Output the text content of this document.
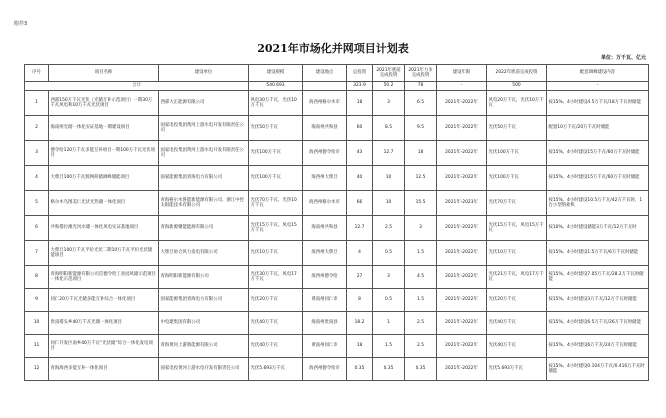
附件3
2021年市场化并网项目计划表
单位：万千瓦、亿元
序号	项目名称	建设单位	建设规模	建设地点	总投资	2021年底前完成投资	2021年力争完成投资	建设年限	2022年底前完成投资	配套调峰建设内容
合计			540.693		323.9	50.2	78	-	500	-
1	西部150万千瓦光伏（光储互补示范项目）一期30万千瓦风电和10万千瓦光伏项目	西部大正能源有限公司	风电30万千瓦，光伏10万千瓦	海西州格尔木市	18	3	6.5	2021年-2022年	风电20万千瓦，光伏10万千瓦	按15%、4小时建设4.5万千瓦/18万千瓦时储能
2	海南州光储一体化实证基地一期建设项目	国家电投集团黄河上游水电开发有限责任公司	光伏50万千瓦	海南州共和县	60	8.5	9.5	2021年-2022年	光伏50万千瓦	配置10万千瓦/20万千瓦时储能
3	德令哈120万千瓦多能互补项目一期100万千瓦光伏项目	国家电投集团黄河上游水电开发有限责任公司	光伏100万千瓦	海西州德令哈市	43	12.7	18	2021年-2022年	光伏100万千瓦	按15%、4小时建设15万千瓦/60万千瓦时储能
4	大柴旦100万千瓦源网荷储调峰储能项目	国家能源集团青海电力有限公司	光伏100万千瓦	海西州大柴旦	40	10	12.5	2021年-2022年	光伏100万千瓦	按15%、4小时建设15万千瓦/60万千瓦时储能
5	格尔木乌图美仁光伏光热储一体化项目	青海格尔木鲁能新能源有限公司、浙江中控太阳能技术有限公司	光伏70万千瓦、光热10万千瓦	海西州格尔木市	66	10	15.5	2021年-2023年	光伏70万千瓦	按15%、4小时建设10.5万千瓦/42万千瓦时，1台小型熔盐机
6	共和塔拉滩光风水储一体化风电实证基地项目	青海新源聚能能源有限公司	光伏15万千瓦、风电15万千瓦	海南州共和县	12.7	2.5	3	2021年-2022年	光伏15万千瓦，风电15万千瓦	按10%、4小时建设储能3万千瓦/12万千瓦时
7	大柴旦100万千瓦平价光伏二期10万千瓦平价光伏储能项目	大柴旦协合风力发电有限公司	光伏10万千瓦	海西州大柴旦	4	0.5	1.5	2021年-2022年	光伏10万千瓦	按15%、4小时建设1.5万千瓦/6万千瓦时储能
8	青海明阳新能源有限公司首德令哈工业园风储示范项目一体化示范项目	青海明阳新能源有限公司	光伏30万千瓦、风电17万千瓦	海西州德令哈	27	3	4.5	2021年-2022年	光伏21万千瓦，风电17万千瓦	按15%、4小时建设7.05万千瓦/28.2万千瓦时储能
9	同仁20万千瓦光储多能互补综合一体化项目	国家能源集团青海电力有限公司	光伏20万千瓦	黄南州同仁市	8	0.5	1.5	2021年-2022年	光伏20万千瓦	按15%、4小时建设3万千瓦/12万千瓦时储能
10	贵南塔头乡40万千瓦光储一体化项目	中电建集团有限公司	光伏40万千瓦	海南州贵南县	18.2	1	2.5	2021年-2022年	光伏40万千瓦	按15%、4小时建设6.5万千瓦/26万千瓦时储能
11	同仁开发区南乡40万千瓦“光伏储”综合一体化发电项目	青海黄河上游新能源有限公司	光伏40万千瓦	黄南州同仁市	18	1.5	2.5	2021年-2022年	光伏40万千瓦	按15%、4小时建设6万千瓦/24万千瓦时储能
12	青海海西多能互补一体化项目	国家电投黄河上游水电开发有限责任公司	光伏5.693万千瓦	海西州德令哈市	0.35	0.35	0.35	2021年-2022年	光伏5.693万千瓦	按15%、4小时建设0.104万千瓦/0.416万千瓦时储能
